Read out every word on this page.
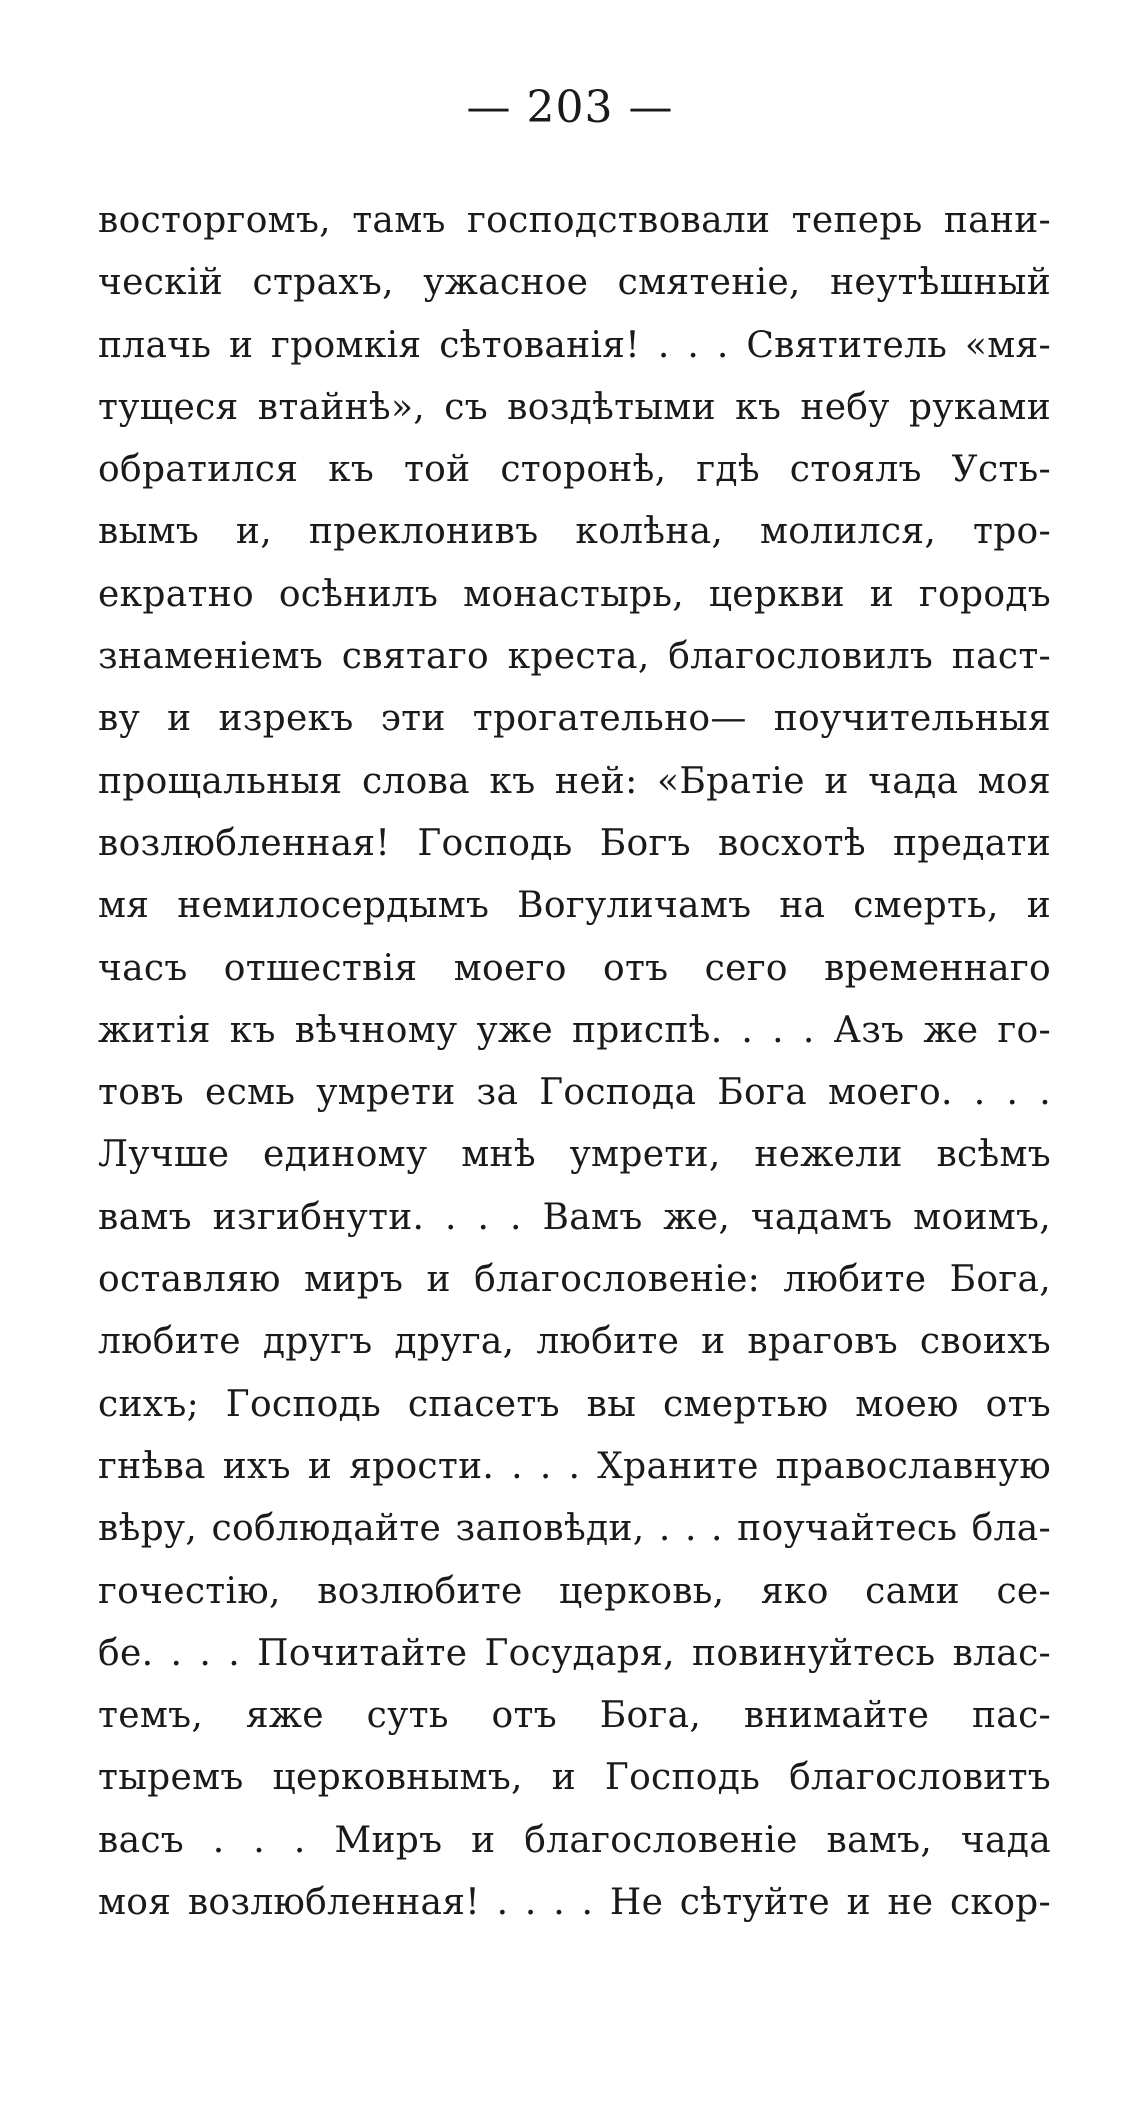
— 203 —
восторгомъ, тамъ господствовали теперь пани-
ческій страхъ, ужасное смятеніе, неутѣшный
плачь и громкія сѣтованія! . . . Святитель «мя-
тущеся втайнѣ», съ воздѣтыми къ небу руками
обратился къ той сторонѣ, гдѣ стоялъ Усть-
вымъ и, преклонивъ колѣна, молился, тро-
екратно осѣнилъ монастырь, церкви и городъ
знаменіемъ святаго креста, благословилъ паст-
ву и изрекъ эти трогательно— поучительныя
прощальныя слова къ ней: «Братіе и чада моя
возлюбленная! Господь Богъ восхотѣ предати
мя немилосердымъ Вогуличамъ на смерть, и
часъ отшествія моего отъ сего временнаго
житія къ вѣчному уже приспѣ. . . . Азъ же го-
товъ есмь умрети за Господа Бога моего. . . .
Лучше единому мнѣ умрети, нежели всѣмъ
вамъ изгибнути. . . . Вамъ же, чадамъ моимъ,
оставляю миръ и благословеніе: любите Бога,
любите другъ друга, любите и враговъ своихъ
сихъ; Господь спасетъ вы смертью моею отъ
гнѣва ихъ и ярости. . . . Храните православную
вѣру, соблюдайте заповѣди, . . . поучайтесь бла-
гочестію, возлюбите церковь, яко сами се-
бе. . . . Почитайте Государя, повинуйтесь влас-
темъ, яже суть отъ Бога, внимайте пас-
тыремъ церковнымъ, и Господь благословитъ
васъ . . . Миръ и благословеніе вамъ, чада
моя возлюбленная! . . . . Не сѣтуйте и не скор-
